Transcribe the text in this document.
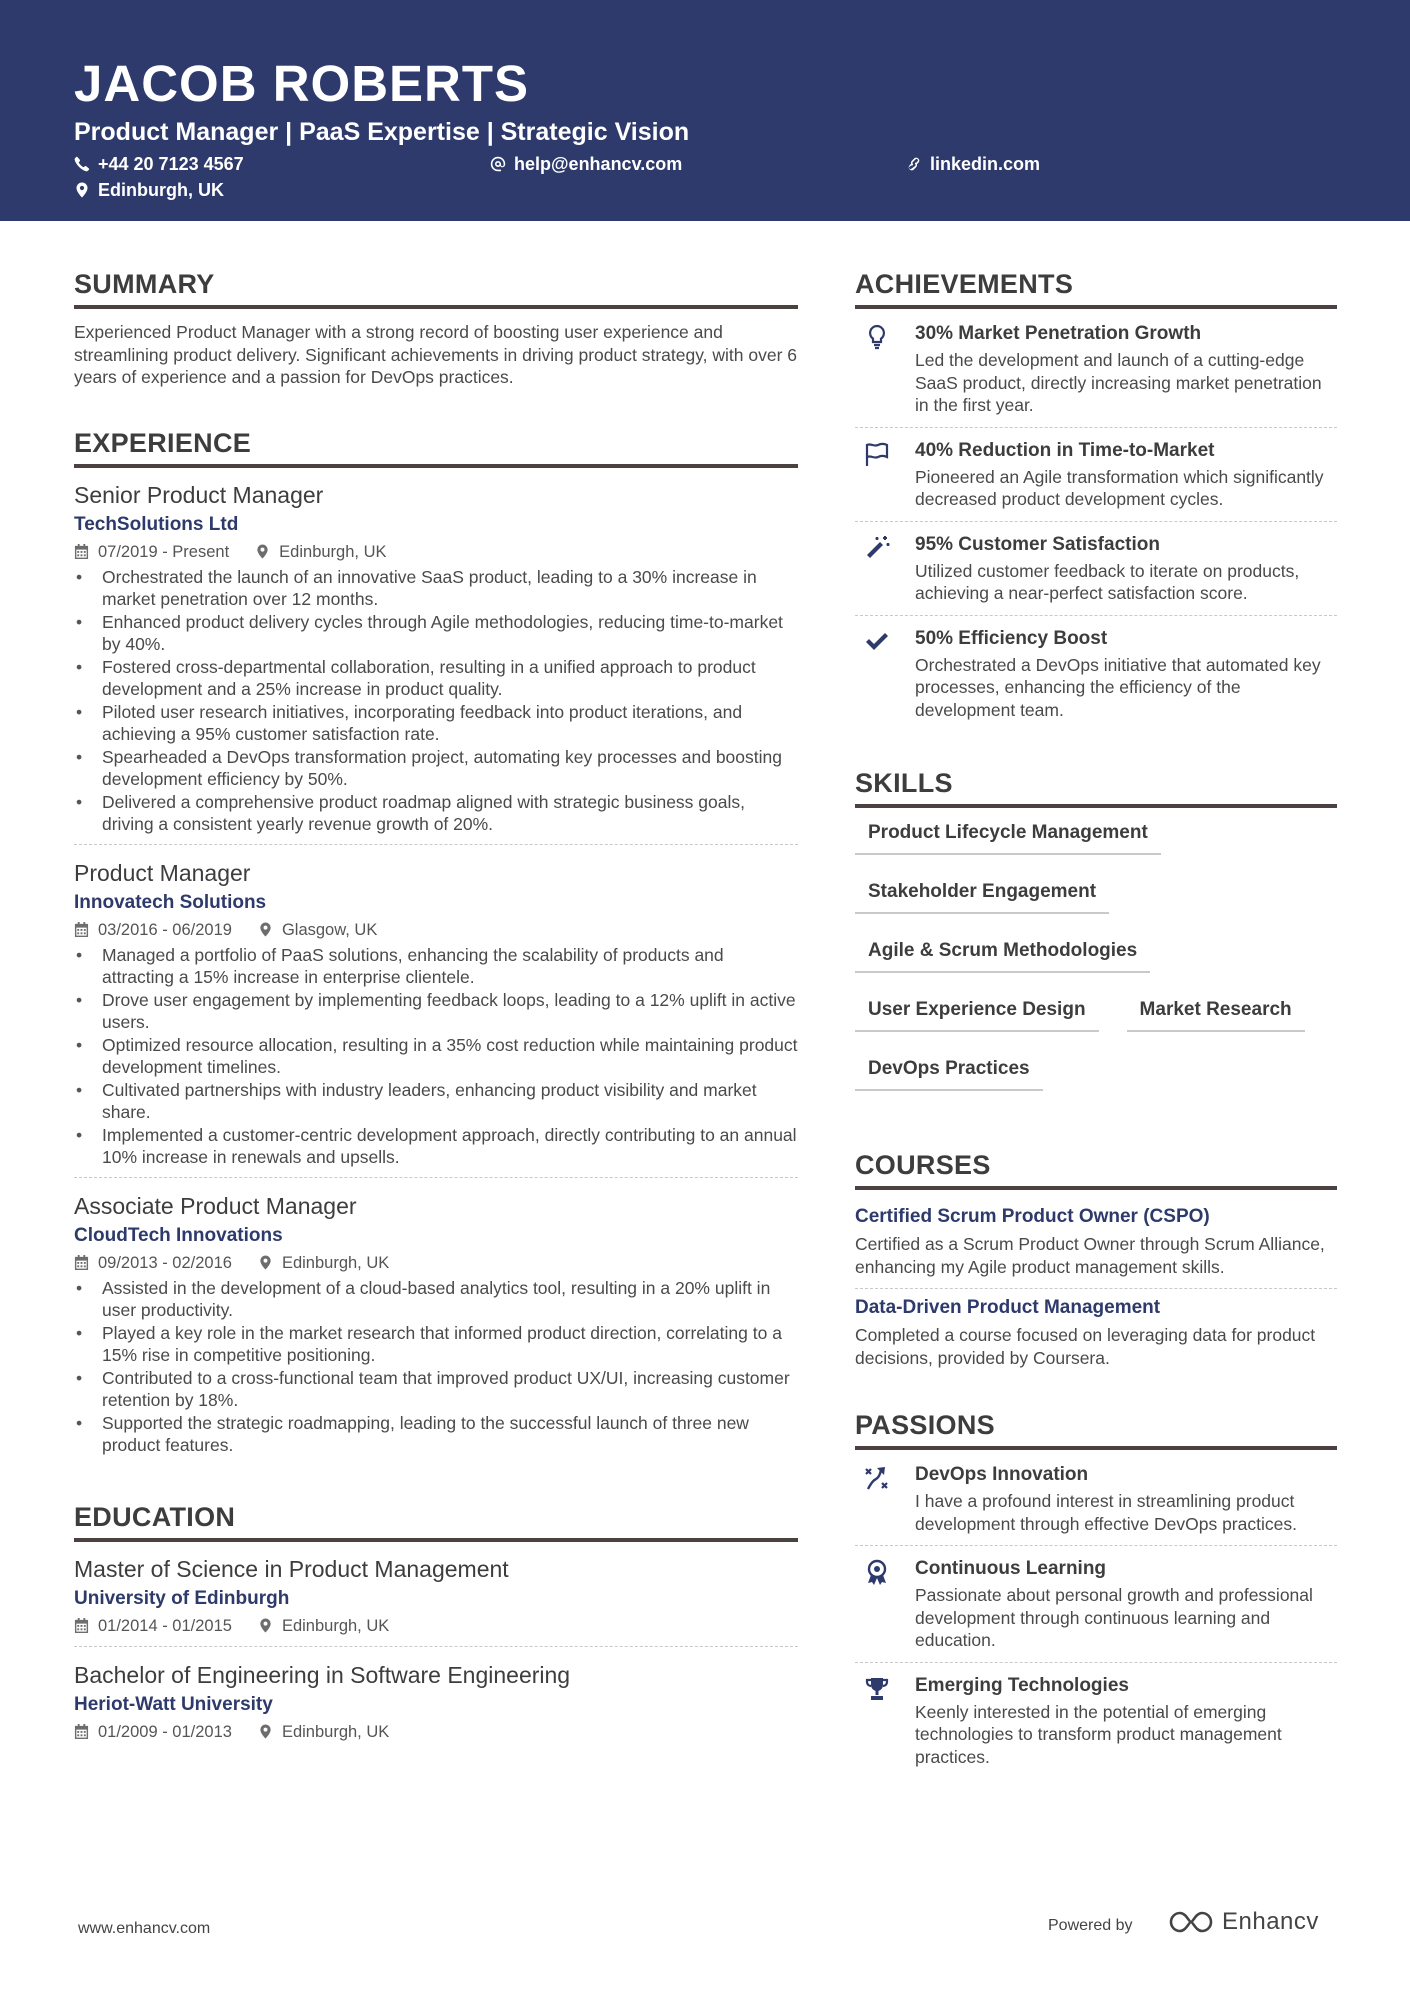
JACOB ROBERTS
Product Manager | PaaS Expertise | Strategic Vision
+44 20 7123 4567	help@enhancv.com	linkedin.com
Edinburgh, UK
SUMMARY
Experienced Product Manager with a strong record of boosting user experience and streamlining product delivery. Significant achievements in driving product strategy, with over 6 years of experience and a passion for DevOps practices.
EXPERIENCE
Senior Product Manager
TechSolutions Ltd
07/2019 - Present	Edinburgh, UK
• Orchestrated the launch of an innovative SaaS product, leading to a 30% increase in market penetration over 12 months.
• Enhanced product delivery cycles through Agile methodologies, reducing time-to-market by 40%.
• Fostered cross-departmental collaboration, resulting in a unified approach to product development and a 25% increase in product quality.
• Piloted user research initiatives, incorporating feedback into product iterations, and achieving a 95% customer satisfaction rate.
• Spearheaded a DevOps transformation project, automating key processes and boosting development efficiency by 50%.
• Delivered a comprehensive product roadmap aligned with strategic business goals, driving a consistent yearly revenue growth of 20%.
Product Manager
Innovatech Solutions
03/2016 - 06/2019	Glasgow, UK
• Managed a portfolio of PaaS solutions, enhancing the scalability of products and attracting a 15% increase in enterprise clientele.
• Drove user engagement by implementing feedback loops, leading to a 12% uplift in active users.
• Optimized resource allocation, resulting in a 35% cost reduction while maintaining product development timelines.
• Cultivated partnerships with industry leaders, enhancing product visibility and market share.
• Implemented a customer-centric development approach, directly contributing to an annual 10% increase in renewals and upsells.
Associate Product Manager
CloudTech Innovations
09/2013 - 02/2016	Edinburgh, UK
• Assisted in the development of a cloud-based analytics tool, resulting in a 20% uplift in user productivity.
• Played a key role in the market research that informed product direction, correlating to a 15% rise in competitive positioning.
• Contributed to a cross-functional team that improved product UX/UI, increasing customer retention by 18%.
• Supported the strategic roadmapping, leading to the successful launch of three new product features.
EDUCATION
Master of Science in Product Management
University of Edinburgh
01/2014 - 01/2015	Edinburgh, UK
Bachelor of Engineering in Software Engineering
Heriot-Watt University
01/2009 - 01/2013	Edinburgh, UK
ACHIEVEMENTS
30% Market Penetration Growth
Led the development and launch of a cutting-edge SaaS product, directly increasing market penetration in the first year.
40% Reduction in Time-to-Market
Pioneered an Agile transformation which significantly decreased product development cycles.
95% Customer Satisfaction
Utilized customer feedback to iterate on products, achieving a near-perfect satisfaction score.
50% Efficiency Boost
Orchestrated a DevOps initiative that automated key processes, enhancing the efficiency of the development team.
SKILLS
Product Lifecycle Management
Stakeholder Engagement
Agile & Scrum Methodologies
User Experience Design	Market Research
DevOps Practices
COURSES
Certified Scrum Product Owner (CSPO)
Certified as a Scrum Product Owner through Scrum Alliance, enhancing my Agile product management skills.
Data-Driven Product Management
Completed a course focused on leveraging data for product decisions, provided by Coursera.
PASSIONS
DevOps Innovation
I have a profound interest in streamlining product development through effective DevOps practices.
Continuous Learning
Passionate about personal growth and professional development through continuous learning and education.
Emerging Technologies
Keenly interested in the potential of emerging technologies to transform product management practices.
www.enhancv.com	Powered by	Enhancv
